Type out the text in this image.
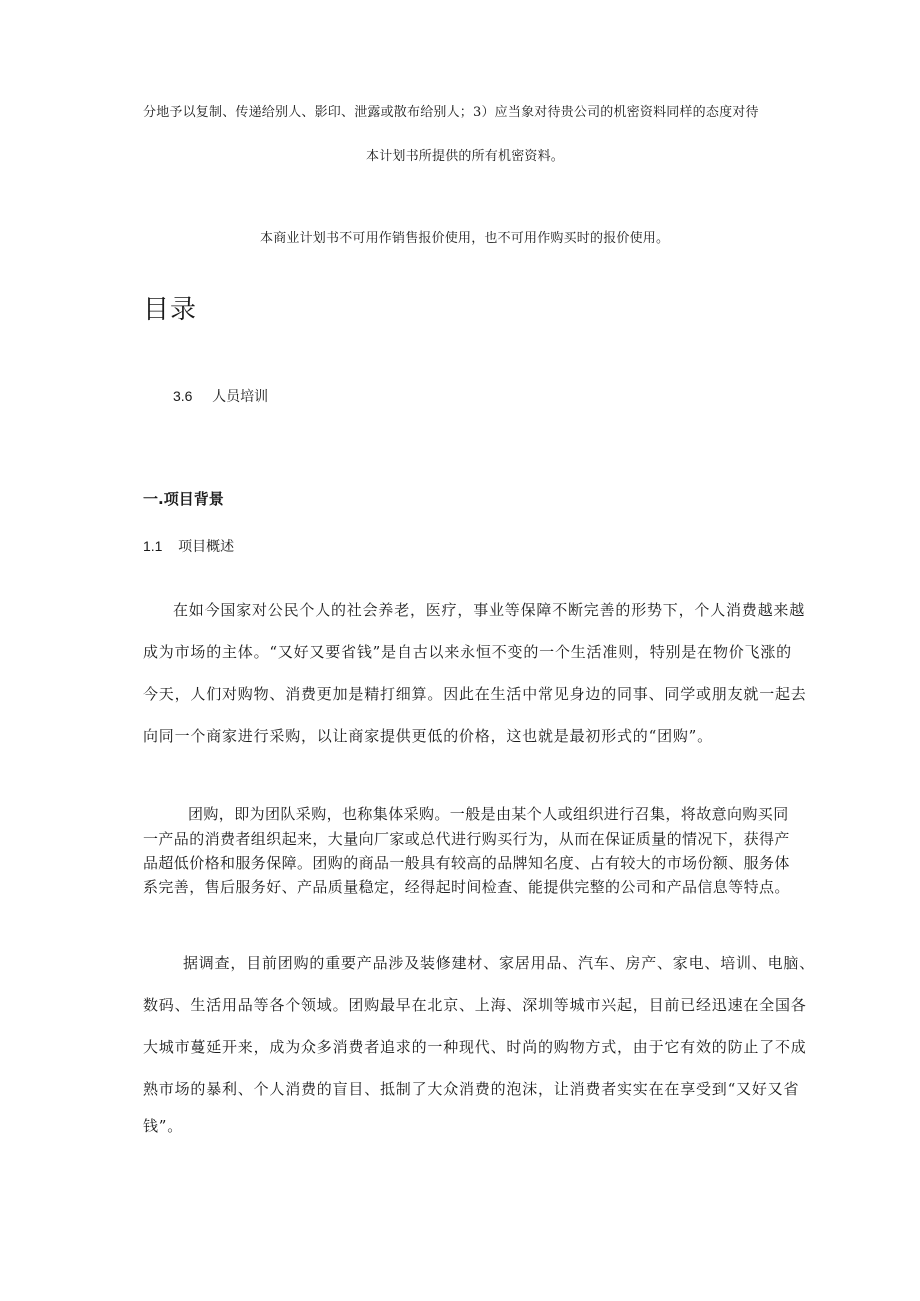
分地予以复制、传递给别人、影印、泄露或散布给别人；3）应当象对待贵公司的机密资料同样的态度对待
本计划书所提供的所有机密资料。
本商业计划书不可用作销售报价使用，也不可用作购买时的报价使用。
目录
3.6 人员培训
一.项目背景
1.1 项目概述
在如今国家对公民个人的社会养老，医疗，事业等保障不断完善的形势下，个人消费越来越
成为市场的主体。“又好又要省钱”是自古以来永恒不变的一个生活准则，特别是在物价飞涨的
今天，人们对购物、消费更加是精打细算。因此在生活中常见身边的同事、同学或朋友就一起去
向同一个商家进行采购，以让商家提供更低的价格，这也就是最初形式的“团购”。
团购，即为团队采购，也称集体采购。一般是由某个人或组织进行召集，将故意向购买同
一产品的消费者组织起来，大量向厂家或总代进行购买行为，从而在保证质量的情况下，获得产
品超低价格和服务保障。团购的商品一般具有较高的品牌知名度、占有较大的市场份额、服务体
系完善，售后服务好、产品质量稳定，经得起时间检查、能提供完整的公司和产品信息等特点。
据调查，目前团购的重要产品涉及装修建材、家居用品、汽车、房产、家电、培训、电脑、
数码、生活用品等各个领域。团购最早在北京、上海、深圳等城市兴起，目前已经迅速在全国各
大城市蔓延开来，成为众多消费者追求的一种现代、时尚的购物方式，由于它有效的防止了不成
熟市场的暴利、个人消费的盲目、抵制了大众消费的泡沫，让消费者实实在在享受到“又好又省
钱”。
